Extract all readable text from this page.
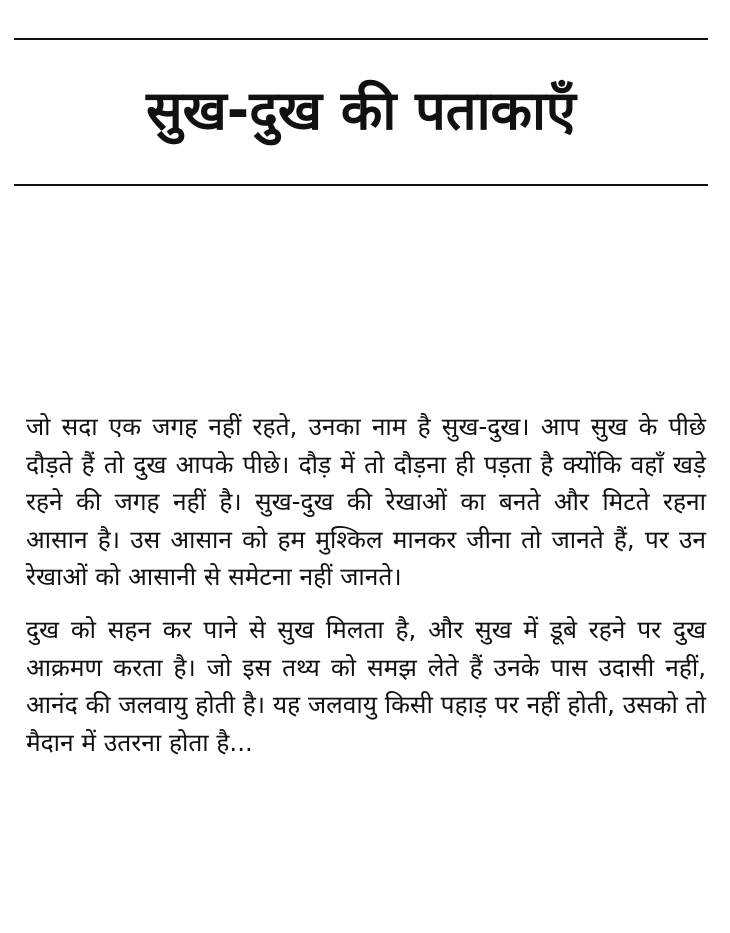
सुख-दुख की पताकाएँ

जो सदा एक जगह नहीं रहते, उनका नाम है सुख-दुख। आप सुख के पीछे दौड़ते हैं तो दुख आपके पीछे। दौड़ में तो दौड़ना ही पड़ता है क्योंकि वहाँ खड़े रहने की जगह नहीं है। सुख-दुख की रेखाओं का बनते और मिटते रहना आसान है। उस आसान को हम मुश्किल मानकर जीना तो जानते हैं, पर उन रेखाओं को आसानी से समेटना नहीं जानते।

दुख को सहन कर पाने से सुख मिलता है, और सुख में डूबे रहने पर दुख आक्रमण करता है। जो इस तथ्य को समझ लेते हैं उनके पास उदासी नहीं, आनंद की जलवायु होती है। यह जलवायु किसी पहाड़ पर नहीं होती, उसको तो मैदान में उतरना होता है...
